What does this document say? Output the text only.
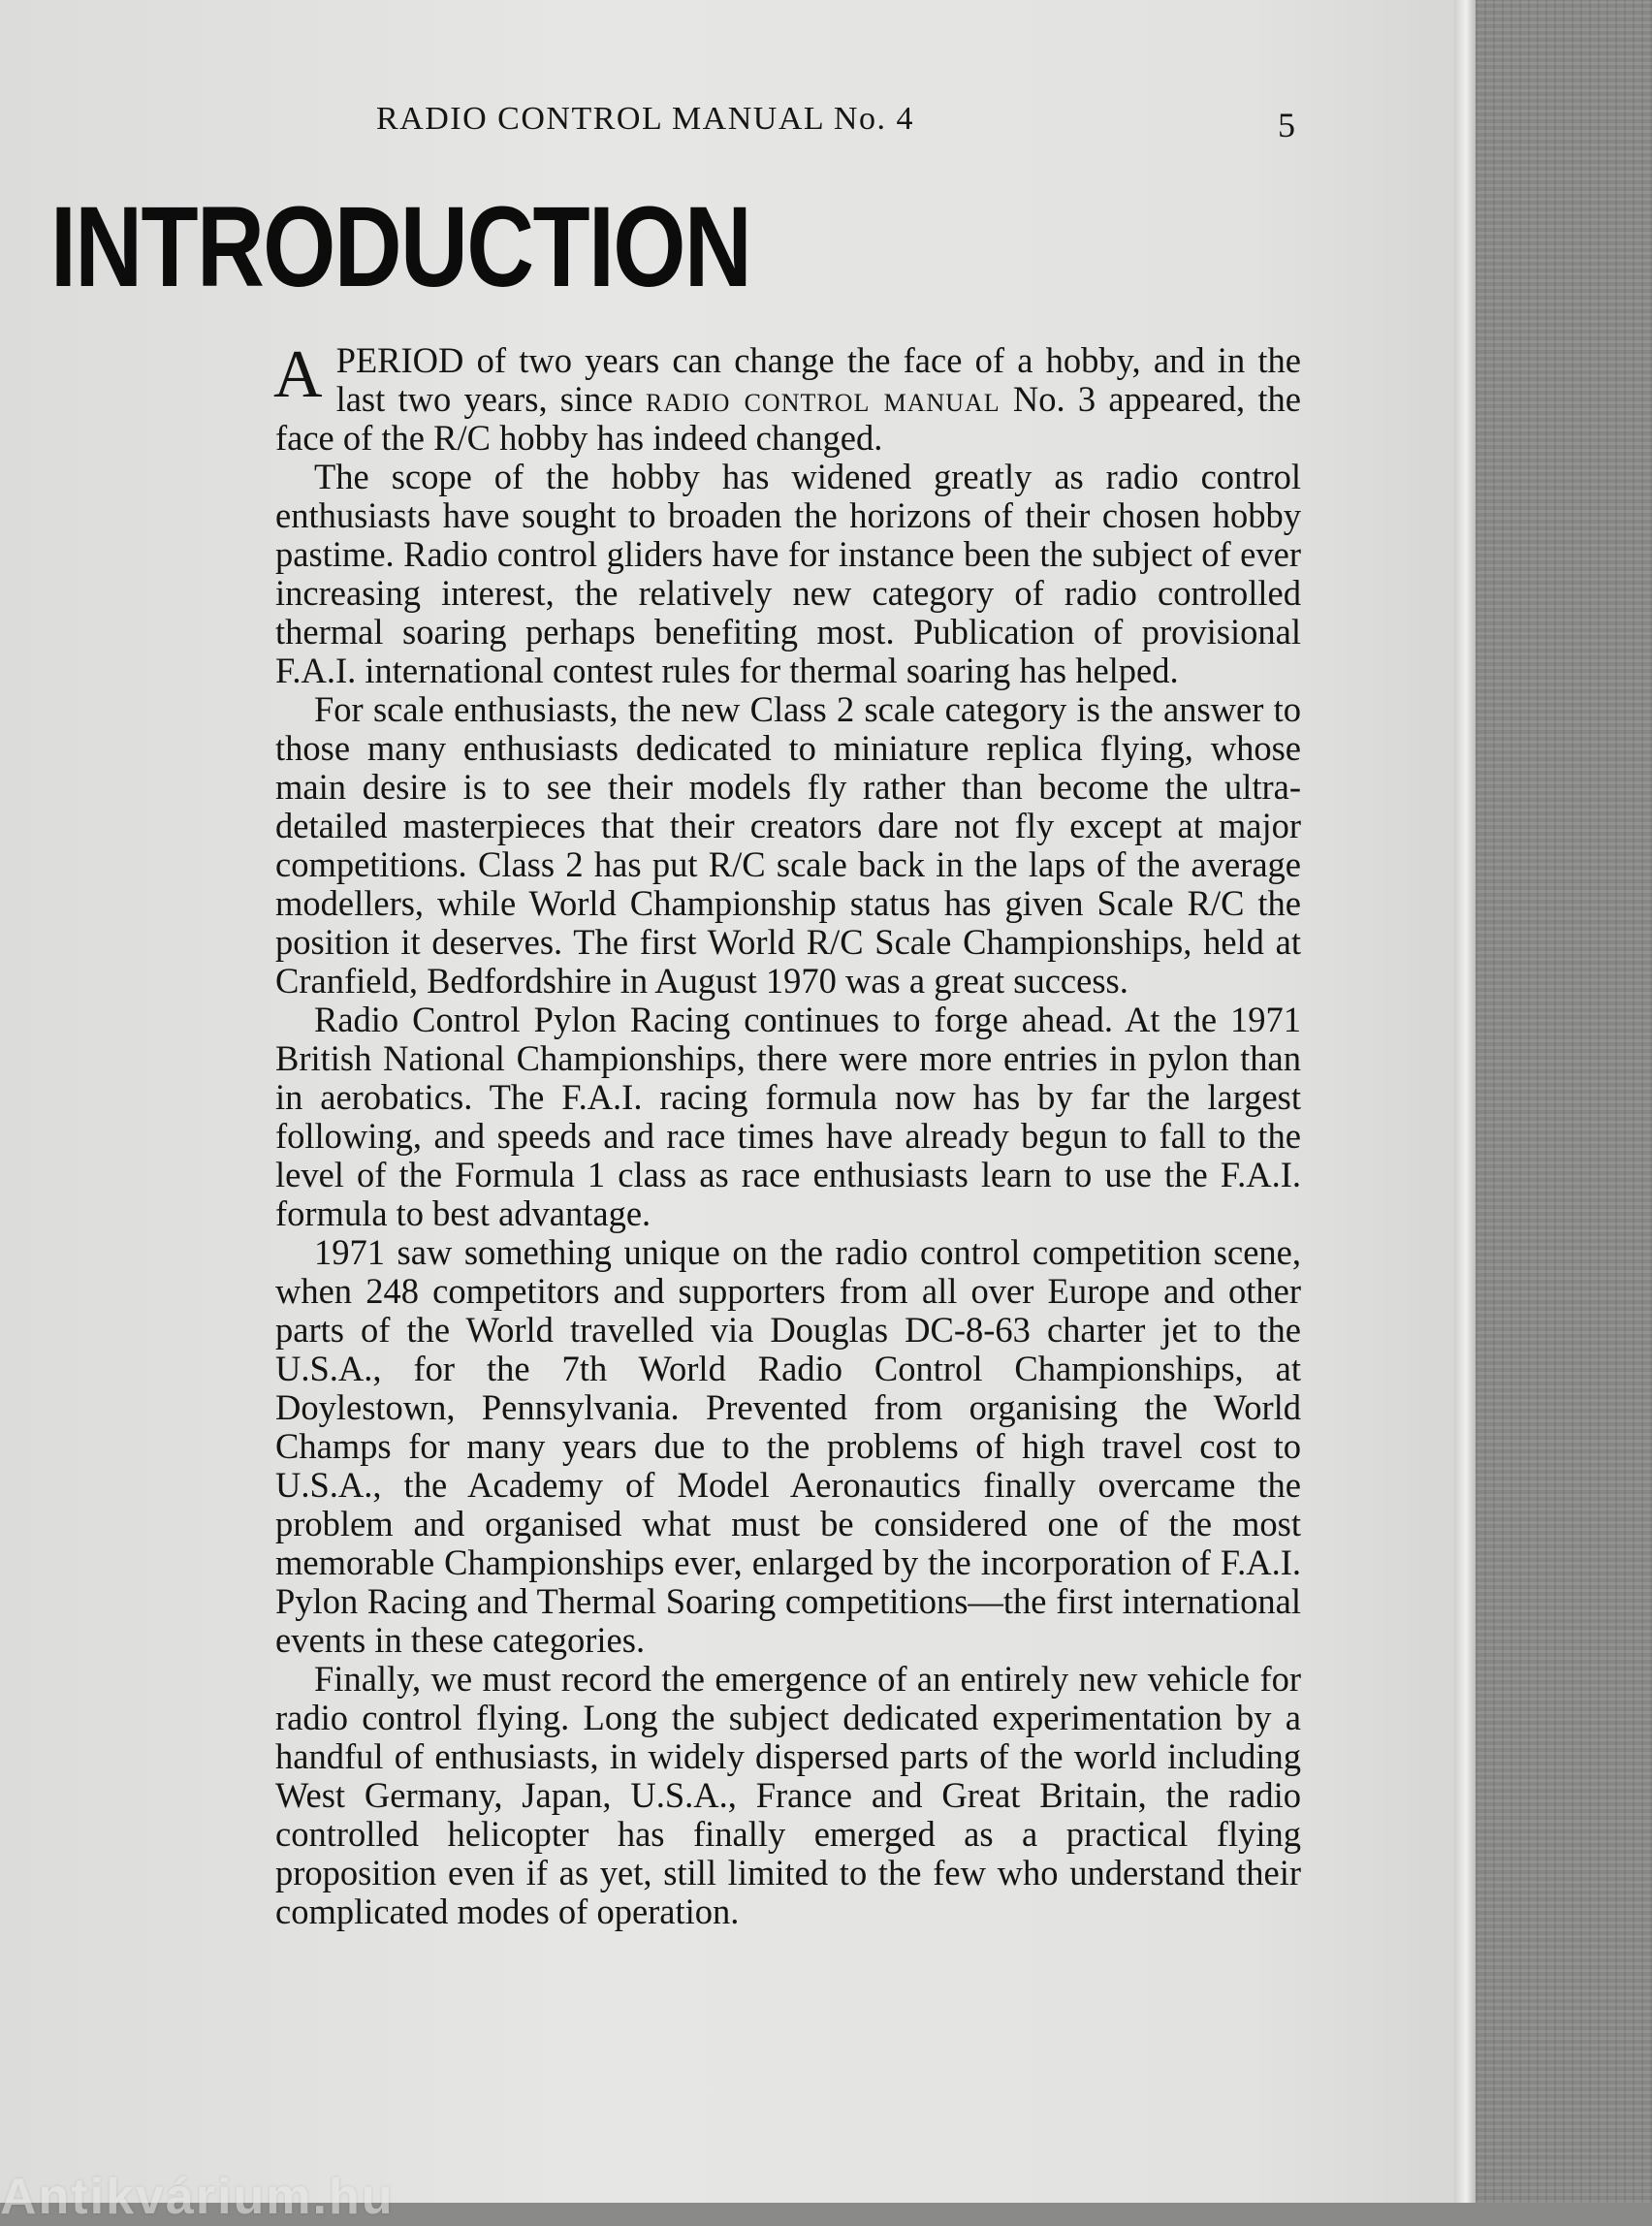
RADIO CONTROL MANUAL No. 4	5
INTRODUCTION

APERIOD of two years can change the face of a hobby, and in the last two years, since radio control manual No. 3 appeared, the face of the R/C hobby has indeed changed.

The scope of the hobby has widened greatly as radio control enthusiasts have sought to broaden the horizons of their chosen hobby pastime. Radio control gliders have for instance been the subject of ever increasing interest, the relatively new category of radio controlled thermal soaring perhaps benefiting most. Publication of provisional F.A.I. international contest rules for thermal soaring has helped.

For scale enthusiasts, the new Class 2 scale category is the answer to those many enthusiasts dedicated to miniature replica flying, whose main desire is to see their models fly rather than become the ultra-detailed masterpieces that their creators dare not fly except at major competitions. Class 2 has put R/C scale back in the laps of the average modellers, while World Championship status has given Scale R/C the position it deserves. The first World R/C Scale Championships, held at Cranfield, Bedfordshire in August 1970 was a great success.

Radio Control Pylon Racing continues to forge ahead. At the 1971 British National Championships, there were more entries in pylon than in aerobatics. The F.A.I. racing formula now has by far the largest following, and speeds and race times have already begun to fall to the level of the Formula 1 class as race enthusiasts learn to use the F.A.I. formula to best advantage.

1971 saw something unique on the radio control competition scene, when 248 competitors and supporters from all over Europe and other parts of the World travelled via Douglas DC-8-63 charter jet to the U.S.A., for the 7th World Radio Control Championships, at Doylestown, Pennsylvania. Prevented from organising the World Champs for many years due to the problems of high travel cost to U.S.A., the Academy of Model Aeronautics finally overcame the problem and organised what must be considered one of the most memorable Championships ever, enlarged by the incorporation of F.A.I. Pylon Racing and Thermal Soaring competitions—the first international events in these categories.

Finally, we must record the emergence of an entirely new vehicle for radio control flying. Long the subject dedicated experimentation by a handful of enthusiasts, in widely dispersed parts of the world including West Germany, Japan, U.S.A., France and Great Britain, the radio controlled helicopter has finally emerged as a practical flying proposition even if as yet, still limited to the few who understand their complicated modes of operation.

Antikvárium.hu
